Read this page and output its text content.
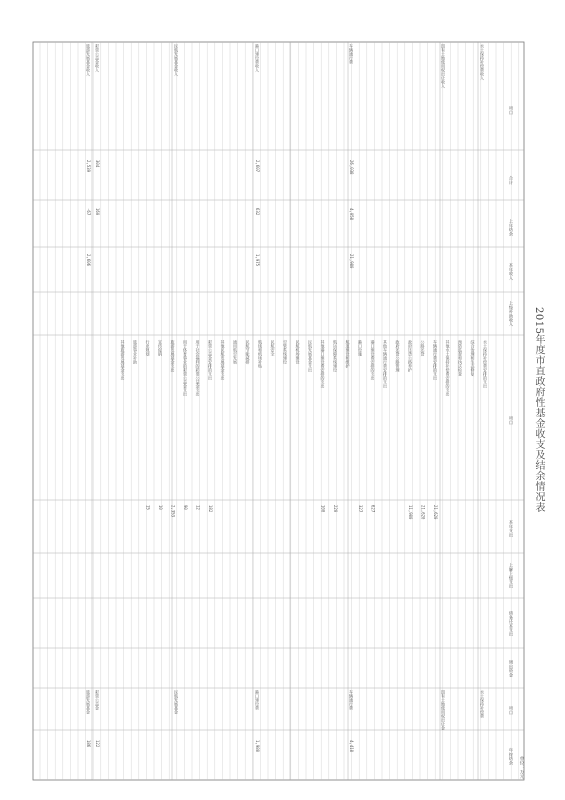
2015年度市直政府性基金收支及结余情况表
单位：万元
项目
合计
上年结余
本年收入
上级补助收入
水土保持补偿费收入
国有土地使用权出让收入
车辆通行费
26,038
4,058
21,980
港口建设费收入
2,607
632
1,975
民航发展基金收入
彩票公益金收入
304
160
旅游发展基金收入
2,539
-67
2,606
项目
本年支出
上解上级支出
债务还本支出
调出资金
项目
年终结余
水土保持补偿费安排的支出
综合治理和生态修复
预防监督和执法检查
其他水土保持补偿费安排的支出
车辆通行费安排的支出
21,620
公路还贷
21,620
政府还贷公路养护
11,900
政府还贷公路管理
其他车辆通行费安排的支出
港口建设费安排的支出
627
港口设施
327
航道建设和维护
航运保障系统建设
220
其他港口建设费安排的支出
100
民航发展基金支出
民航机场建设
空管系统建设
民航安全
航线和机场补贴
民航节能减排
通用航空发展
其他民航发展基金支出
彩票公益金安排的支出
182
用于社会福利的彩票公益金支出
12
用于体育事业的彩票公益金支出
90
旅游发展基金支出
2,353
宣传促销
10
行业规划
15
旅游事业补助
其他旅游发展基金支出
水土保持补偿费
国有土地使用权出让金
车辆通行费
4,418
港口建设费
1,980
民航发展基金
彩票公益金
122
旅游发展基金
186
